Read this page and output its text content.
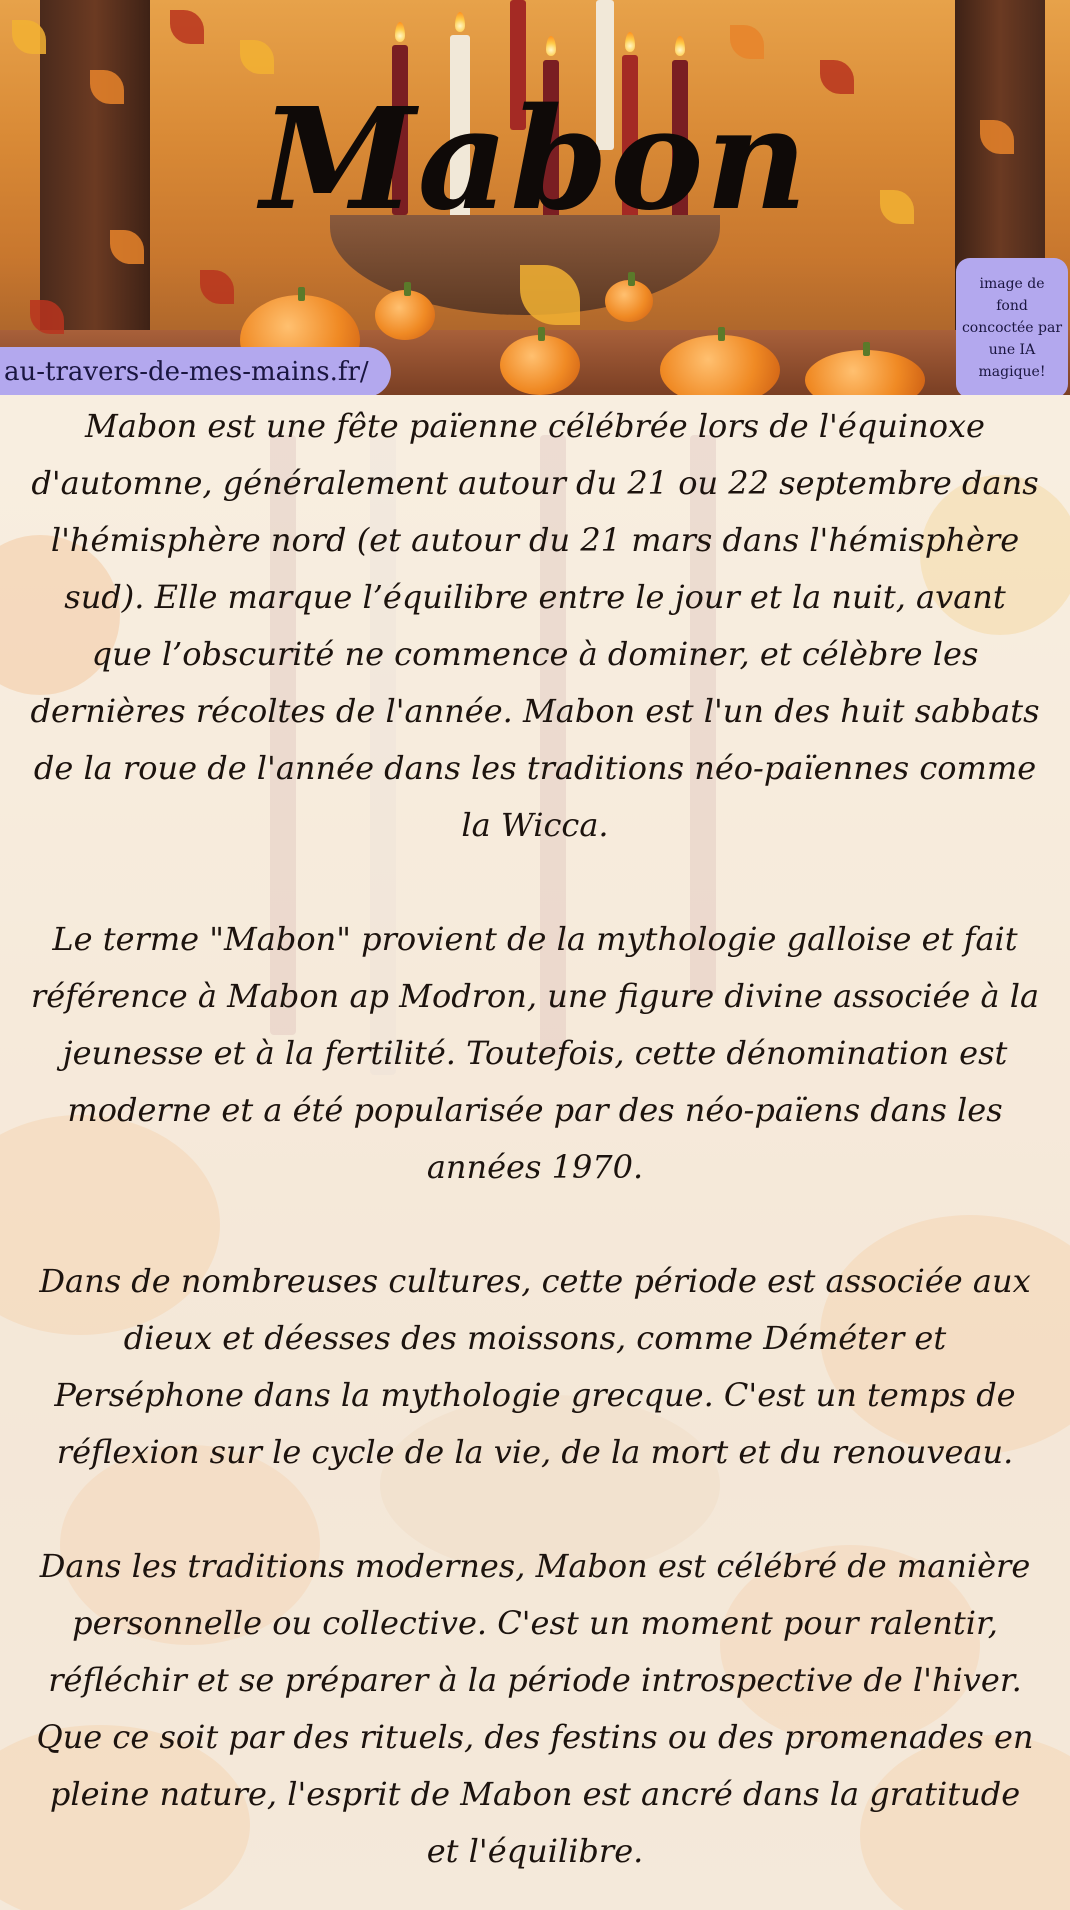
Mabon
image de
fond
concoctée par
une IA
magique!
au-travers-de-mes-mains.fr/

Mabon est une fête païenne célébrée lors de l'équinoxe d'automne, généralement autour du 21 ou 22 septembre dans l'hémisphère nord (et autour du 21 mars dans l'hémisphère sud). Elle marque l’équilibre entre le jour et la nuit, avant que l’obscurité ne commence à dominer, et célèbre les dernières récoltes de l'année. Mabon est l'un des huit sabbats de la roue de l'année dans les traditions néo-païennes comme la Wicca.

Le terme "Mabon" provient de la mythologie galloise et fait référence à Mabon ap Modron, une figure divine associée à la jeunesse et à la fertilité. Toutefois, cette dénomination est moderne et a été popularisée par des néo-païens dans les années 1970.

Dans de nombreuses cultures, cette période est associée aux dieux et déesses des moissons, comme Déméter et Perséphone dans la mythologie grecque. C'est un temps de réflexion sur le cycle de la vie, de la mort et du renouveau.

Dans les traditions modernes, Mabon est célébré de manière personnelle ou collective. C'est un moment pour ralentir, réfléchir et se préparer à la période introspective de l'hiver. Que ce soit par des rituels, des festins ou des promenades en pleine nature, l'esprit de Mabon est ancré dans la gratitude et l'équilibre.
